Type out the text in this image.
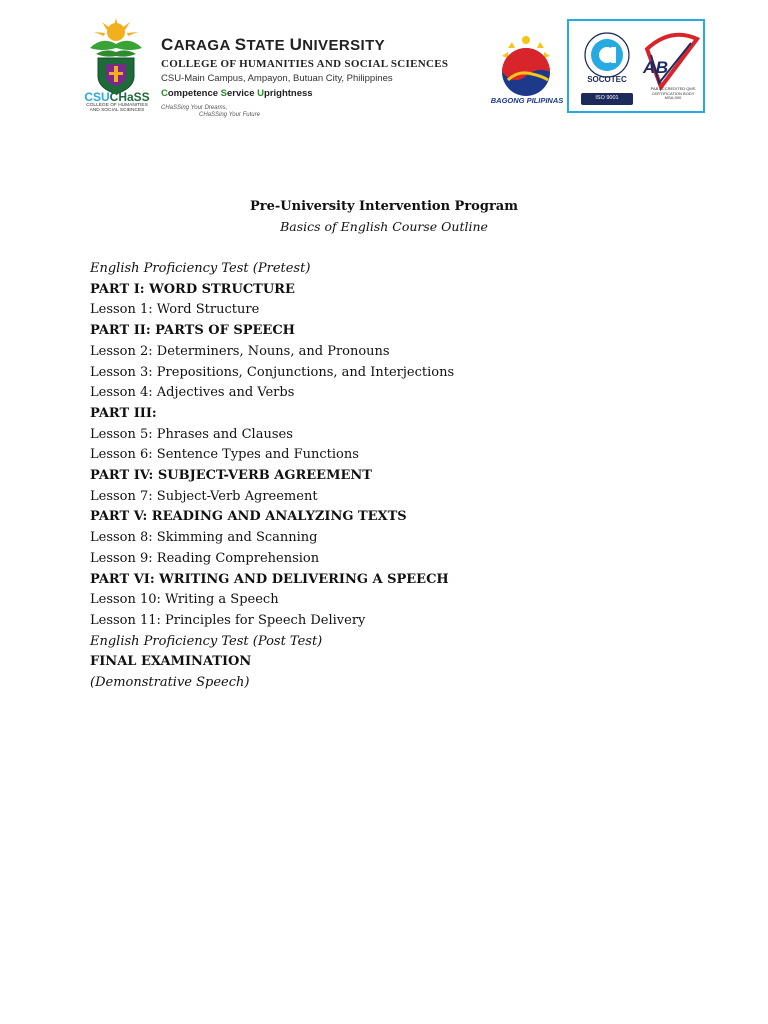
CSUCHaSS
COLLEGE OF HUMANITIES
AND SOCIAL SCIENCES
CARAGA STATE UNIVERSITY
COLLEGE OF HUMANITIES AND SOCIAL SCIENCES
CSU-Main Campus, Ampayon, Butuan City, Philippines
Competence Service Uprightness
CHaSSing Your Dreams,
CHaSSing Your Future
BAGONG PILIPINAS
SOCOTEC
ISO 9001
AB
PAB ACCREDITED QMS
CERTIFICATION BODY
MSA-000
Pre-University Intervention Program
Basics of English Course Outline
English Proficiency Test (Pretest)
PART I: WORD STRUCTURE
Lesson 1: Word Structure
PART II: PARTS OF SPEECH
Lesson 2: Determiners, Nouns, and Pronouns
Lesson 3: Prepositions, Conjunctions, and Interjections
Lesson 4: Adjectives and Verbs
PART III:
Lesson 5: Phrases and Clauses
Lesson 6: Sentence Types and Functions
PART IV: SUBJECT-VERB AGREEMENT
Lesson 7: Subject-Verb Agreement
PART V: READING AND ANALYZING TEXTS
Lesson 8: Skimming and Scanning
Lesson 9: Reading Comprehension
PART VI: WRITING AND DELIVERING A SPEECH
Lesson 10: Writing a Speech
Lesson 11: Principles for Speech Delivery
English Proficiency Test (Post Test)
FINAL EXAMINATION
(Demonstrative Speech)
